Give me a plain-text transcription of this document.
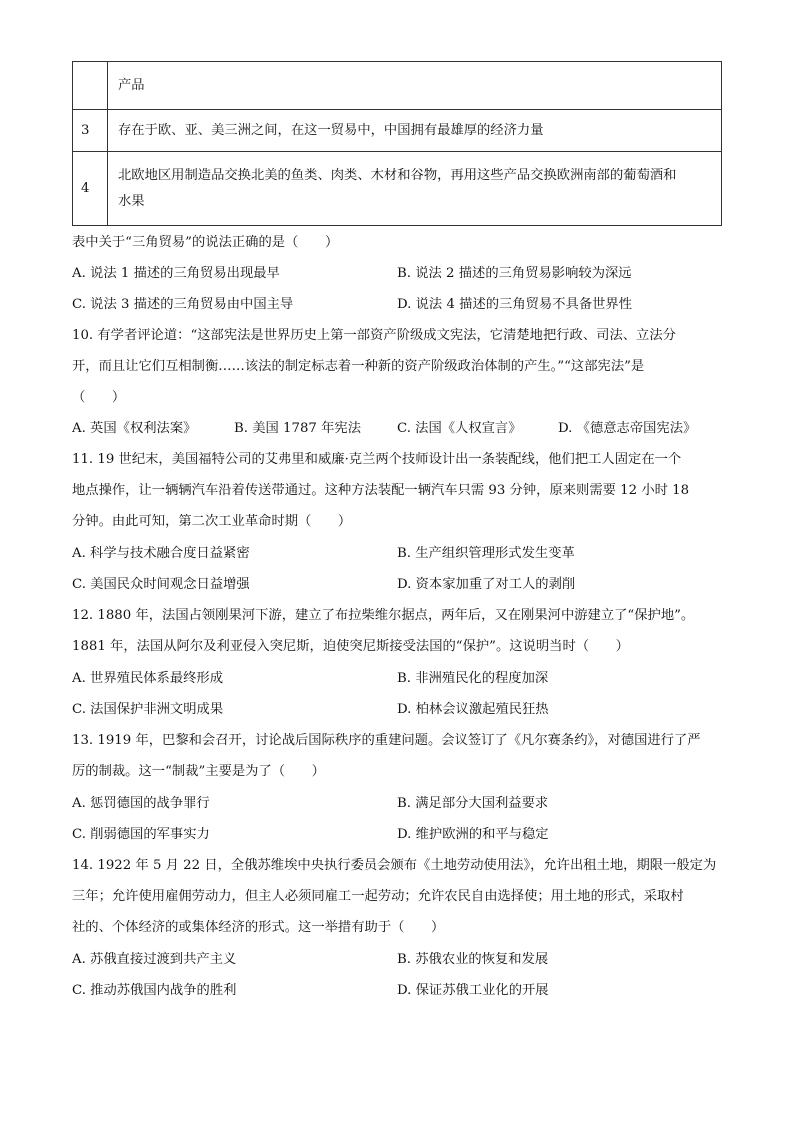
	产品
3	存在于欧、亚、美三洲之间，在这一贸易中，中国拥有最雄厚的经济力量
4	北欧地区用制造品交换北美的鱼类、肉类、木材和谷物，再用这些产品交换欧洲南部的葡萄酒和
水果
表中关于“三角贸易”的说法正确的是（　　）
A. 说法 1 描述的三角贸易出现最早	B. 说法 2 描述的三角贸易影响较为深远
C. 说法 3 描述的三角贸易由中国主导	D. 说法 4 描述的三角贸易不具备世界性
10. 有学者评论道：“这部宪法是世界历史上第一部资产阶级成文宪法，它清楚地把行政、司法、立法分
开，而且让它们互相制衡……该法的制定标志着一种新的资产阶级政治体制的产生。”“这部宪法”是
（　　）
A. 英国《权利法案》	B. 美国 1787 年宪法	C. 法国《人权宣言》	D. 《德意志帝国宪法》
11. 19 世纪末，美国福特公司的艾弗里和威廉·克兰两个技师设计出一条装配线，他们把工人固定在一个
地点操作，让一辆辆汽车沿着传送带通过。这种方法装配一辆汽车只需 93 分钟，原来则需要 12 小时 18
分钟。由此可知，第二次工业革命时期（　　）
A. 科学与技术融合度日益紧密	B. 生产组织管理形式发生变革
C. 美国民众时间观念日益增强	D. 资本家加重了对工人的剥削
12. 1880 年，法国占领刚果河下游，建立了布拉柴维尔据点，两年后，又在刚果河中游建立了“保护地”。
1881 年，法国从阿尔及利亚侵入突尼斯，迫使突尼斯接受法国的“保护”。这说明当时（　　）
A. 世界殖民体系最终形成	B. 非洲殖民化的程度加深
C. 法国保护非洲文明成果	D. 柏林会议激起殖民狂热
13. 1919 年，巴黎和会召开，讨论战后国际秩序的重建问题。会议签订了《凡尔赛条约》，对德国进行了严
厉的制裁。这一“制裁”主要是为了（　　）
A. 惩罚德国的战争罪行	B. 满足部分大国利益要求
C. 削弱德国的军事实力	D. 维护欧洲的和平与稳定
14. 1922 年 5 月 22 日，全俄苏维埃中央执行委员会颁布《土地劳动使用法》，允许出租土地，期限一般定为
三年；允许使用雇佣劳动力，但主人必须同雇工一起劳动；允许农民自由选择使；用土地的形式，采取村
社的、个体经济的或集体经济的形式。这一举措有助于（　　）
A. 苏俄直接过渡到共产主义	B. 苏俄农业的恢复和发展
C. 推动苏俄国内战争的胜利	D. 保证苏俄工业化的开展
